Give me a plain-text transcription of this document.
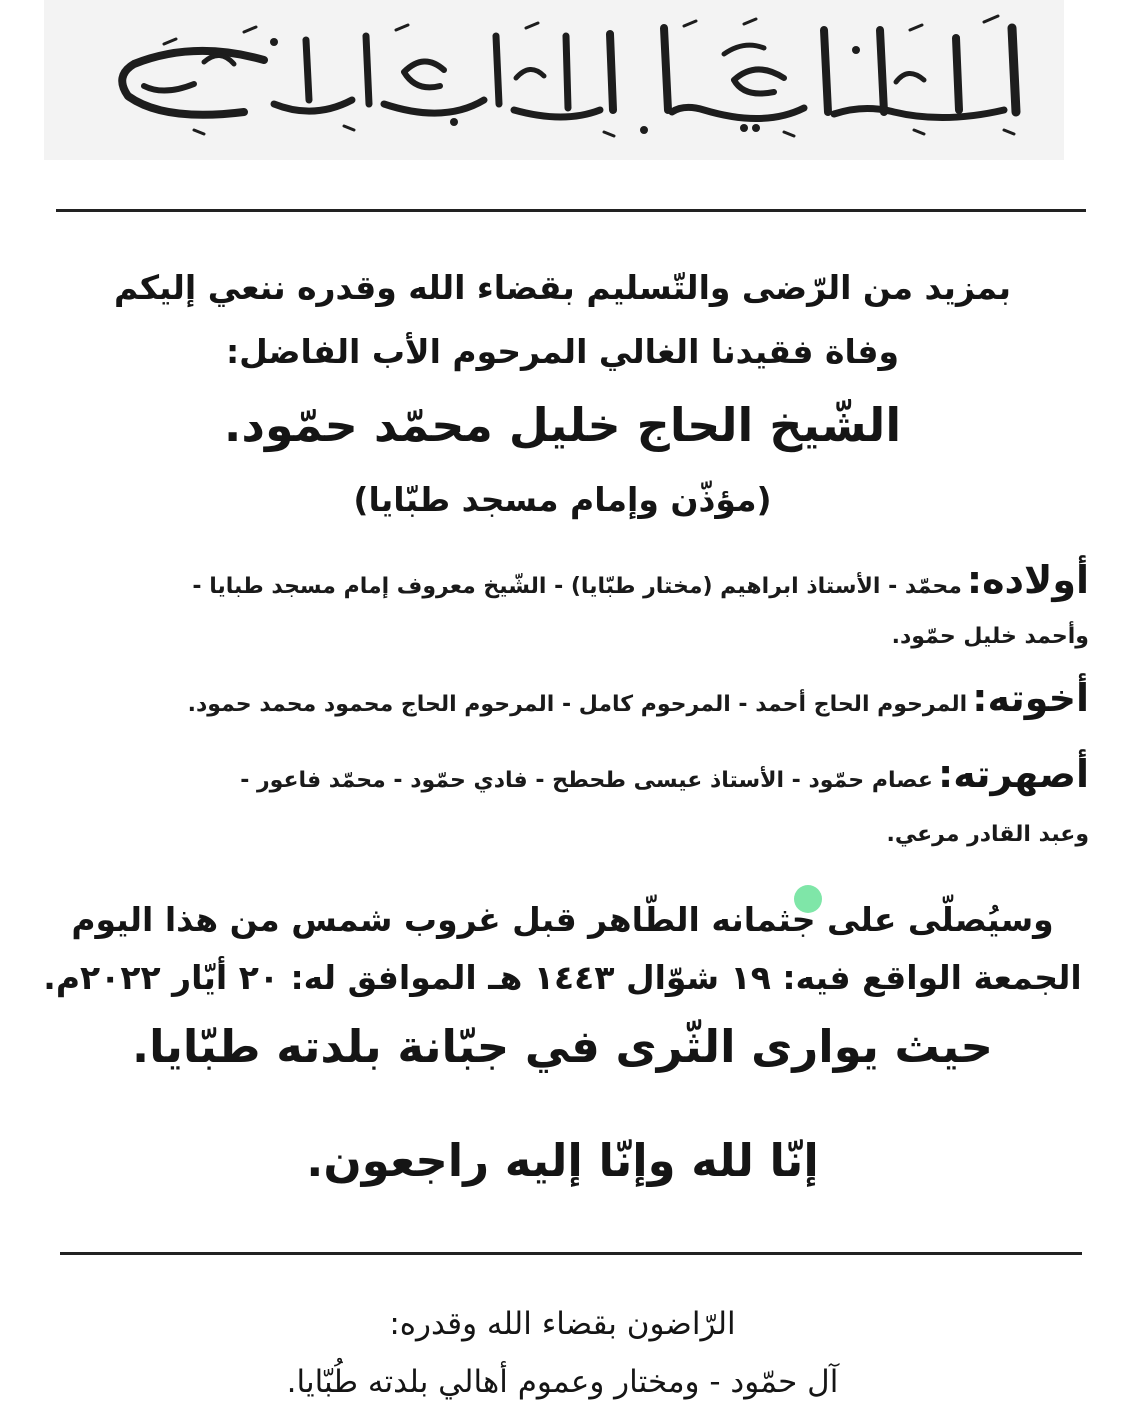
بمزيد من الرّضى والتّسليم بقضاء الله وقدره ننعي إليكم
وفاة فقيدنا الغالي المرحوم الأب الفاضل:
الشّيخ الحاج خليل محمّد حمّود.
(مؤذّن وإمام مسجد طبّايا)
أولاده: محمّد - الأستاذ ابراهيم (مختار طبّايا) - الشّيخ معروف إمام مسجد طبايا -
وأحمد خليل حمّود.
أخوته: المرحوم الحاج أحمد - المرحوم كامل - المرحوم الحاج محمود محمد حمود.
أصهرته: عصام حمّود - الأستاذ عيسى طحطح - فادي حمّود - محمّد فاعور -
وعبد القادر مرعي.
وسيُصلّى على جثمانه الطّاهر قبل غروب شمس من هذا اليوم
الجمعة الواقع فيه: ١٩ شوّال ١٤٤٣ هـ الموافق له: ٢٠ أيّار ٢٠٢٢م.
حيث يوارى الثّرى في جبّانة بلدته طبّايا.
إنّا لله وإنّا إليه راجعون.
الرّاضون بقضاء الله وقدره:
آل حمّود - ومختار وعموم أهالي بلدته طُبّايا.
